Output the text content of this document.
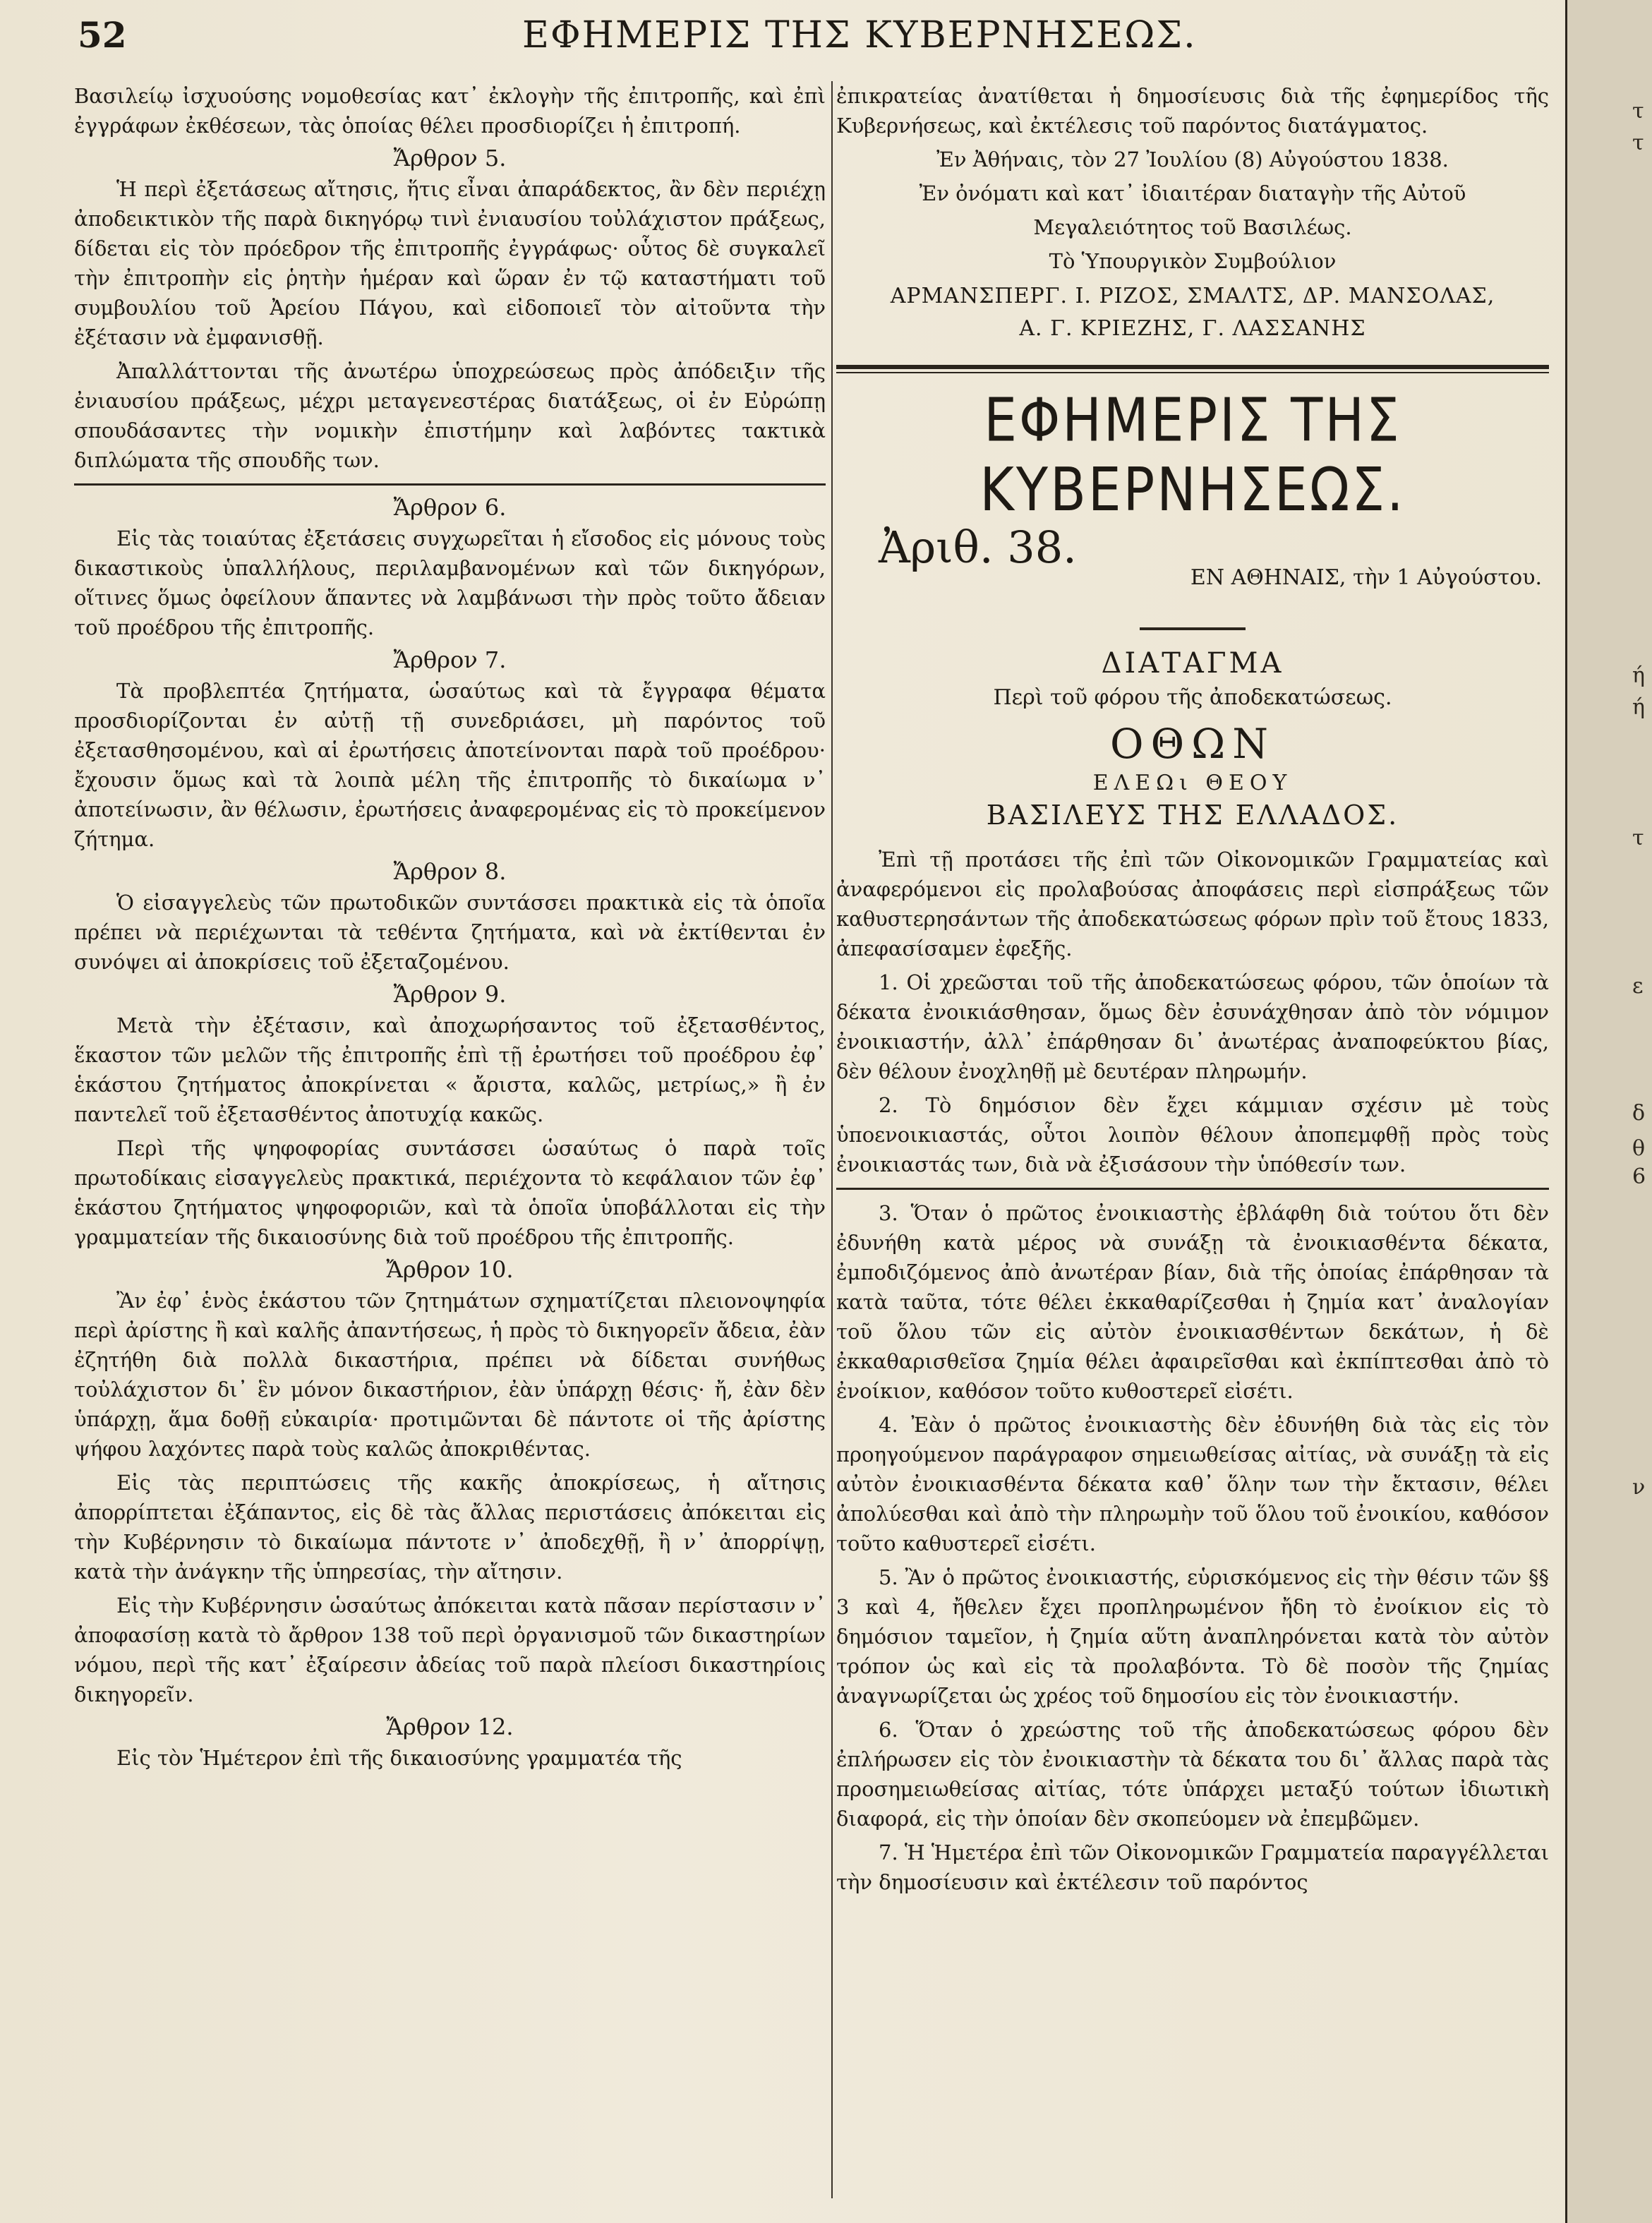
52	ΕΦΗΜΕΡΙΣ ΤΗΣ ΚΥΒΕΡΝΗΣΕΩΣ.

Βασιλείῳ ἰσχυούσης νομοθεσίας κατ᾿ ἐκλογὴν τῆς ἐπιτροπῆς, καὶ ἐπὶ ἐγγράφων ἐκθέσεων, τὰς ὁποίας θέλει προσδιορίζει ἡ ἐπιτροπή.

Ἄρθρον 5.

Ἡ περὶ ἐξετάσεως αἴτησις, ἥτις εἶναι ἀπαράδεκτος, ἂν δὲν περιέχῃ ἀποδεικτικὸν τῆς παρὰ δικηγόρῳ τινὶ ἐνιαυσίου τοὐλάχιστον πράξεως, δίδεται εἰς τὸν πρόεδρον τῆς ἐπιτροπῆς ἐγγράφως· οὗτος δὲ συγκαλεῖ τὴν ἐπιτροπὴν εἰς ῥητὴν ἡμέραν καὶ ὥραν ἐν τῷ καταστήματι τοῦ συμβουλίου τοῦ Ἀρείου Πάγου, καὶ εἰδοποιεῖ τὸν αἰτοῦντα τὴν ἐξέτασιν νὰ ἐμφανισθῇ.

Ἀπαλλάττονται τῆς ἀνωτέρω ὑποχρεώσεως πρὸς ἀπόδειξιν τῆς ἐνιαυσίου πράξεως, μέχρι μεταγενεστέρας διατάξεως, οἱ ἐν Εὐρώπῃ σπουδάσαντες τὴν νομικὴν ἐπιστήμην καὶ λαβόντες τακτικὰ διπλώματα τῆς σπουδῆς των.

Ἄρθρον 6.

Εἰς τὰς τοιαύτας ἐξετάσεις συγχωρεῖται ἡ εἴσοδος εἰς μόνους τοὺς δικαστικοὺς ὑπαλλήλους, περιλαμβανομένων καὶ τῶν δικηγόρων, οἵτινες ὅμως ὀφείλουν ἅπαντες νὰ λαμβάνωσι τὴν πρὸς τοῦτο ἄδειαν τοῦ προέδρου τῆς ἐπιτροπῆς.

Ἄρθρον 7.

Τὰ προβλεπτέα ζητήματα, ὡσαύτως καὶ τὰ ἔγγραφα θέματα προσδιορίζονται ἐν αὐτῇ τῇ συνεδριάσει, μὴ παρόντος τοῦ ἐξετασθησομένου, καὶ αἱ ἐρωτήσεις ἀποτείνονται παρὰ τοῦ προέδρου· ἔχουσιν ὅμως καὶ τὰ λοιπὰ μέλη τῆς ἐπιτροπῆς τὸ δικαίωμα ν᾿ ἀποτείνωσιν, ἂν θέλωσιν, ἐρωτήσεις ἀναφερομένας εἰς τὸ προκείμενον ζήτημα.

Ἄρθρον 8.

Ὁ εἰσαγγελεὺς τῶν πρωτοδικῶν συντάσσει πρακτικὰ εἰς τὰ ὁποῖα πρέπει νὰ περιέχωνται τὰ τεθέντα ζητήματα, καὶ νὰ ἐκτίθενται ἐν συνόψει αἱ ἀποκρίσεις τοῦ ἐξεταζομένου.

Ἄρθρον 9.

Μετὰ τὴν ἐξέτασιν, καὶ ἀποχωρήσαντος τοῦ ἐξετασθέντος, ἕκαστον τῶν μελῶν τῆς ἐπιτροπῆς ἐπὶ τῇ ἐρωτήσει τοῦ προέδρου ἐφ᾿ ἑκάστου ζητήματος ἀποκρίνεται « ἄριστα, καλῶς, μετρίως,» ἢ ἐν παντελεῖ τοῦ ἐξετασθέντος ἀποτυχίᾳ κακῶς.

Περὶ τῆς ψηφοφορίας συντάσσει ὡσαύτως ὁ παρὰ τοῖς πρωτοδίκαις εἰσαγγελεὺς πρακτικά, περιέχοντα τὸ κεφάλαιον τῶν ἐφ᾿ ἑκάστου ζητήματος ψηφοφοριῶν, καὶ τὰ ὁποῖα ὑποβάλλοται εἰς τὴν γραμματείαν τῆς δικαιοσύνης διὰ τοῦ προέδρου τῆς ἐπιτροπῆς.

Ἄρθρον 10.

Ἂν ἐφ᾿ ἑνὸς ἑκάστου τῶν ζητημάτων σχηματίζεται πλειονοψηφία περὶ ἀρίστης ἢ καὶ καλῆς ἀπαντήσεως, ἡ πρὸς τὸ δικηγορεῖν ἄδεια, ἐὰν ἐζητήθη διὰ πολλὰ δικαστήρια, πρέπει νὰ δίδεται συνήθως τοὐλάχιστον δι᾿ ἓν μόνον δικαστήριον, ἐὰν ὑπάρχῃ θέσις· ἤ, ἐὰν δὲν ὑπάρχῃ, ἅμα δοθῇ εὐκαιρία· προτιμῶνται δὲ πάντοτε οἱ τῆς ἀρίστης ψήφου λαχόντες παρὰ τοὺς καλῶς ἀποκριθέντας.

Εἰς τὰς περιπτώσεις τῆς κακῆς ἀποκρίσεως, ἡ αἴτησις ἀπορρίπτεται ἐξάπαντος, εἰς δὲ τὰς ἄλλας περιστάσεις ἀπόκειται εἰς τὴν Κυβέρνησιν τὸ δικαίωμα πάντοτε ν᾿ ἀποδεχθῇ, ἢ ν᾿ ἀπορρίψῃ, κατὰ τὴν ἀνάγκην τῆς ὑπηρεσίας, τὴν αἴτησιν.

Εἰς τὴν Κυβέρνησιν ὡσαύτως ἀπόκειται κατὰ πᾶσαν περίστασιν ν᾿ ἀποφασίσῃ κατὰ τὸ ἄρθρον 138 τοῦ περὶ ὀργανισμοῦ τῶν δικαστηρίων νόμου, περὶ τῆς κατ᾿ ἐξαίρεσιν ἀδείας τοῦ παρὰ πλείοσι δικαστηρίοις δικηγορεῖν.

Ἄρθρον 12.

Εἰς τὸν Ἡμέτερον ἐπὶ τῆς δικαιοσύνης γραμματέα τῆς

ἐπικρατείας ἀνατίθεται ἡ δημοσίευσις διὰ τῆς ἐφημερίδος τῆς Κυβερνήσεως, καὶ ἐκτέλεσις τοῦ παρόντος διατάγματος.

Ἐν Ἀθήναις, τὸν 27 Ἰουλίου (8) Αὐγούστου 1838.

Ἐν ὀνόματι καὶ κατ᾿ ἰδιαιτέραν διαταγὴν τῆς Αὐτοῦ

Μεγαλειότητος τοῦ Βασιλέως.

Τὸ Ὑπουργικὸν Συμβούλιον

ΑΡΜΑΝΣΠΕΡΓ. Ι. ΡΙΖΟΣ, ΣΜΑΛΤΣ, ΔΡ. ΜΑΝΣΟΛΑΣ,
Α. Γ. ΚΡΙΕΖΗΣ, Γ. ΛΑΣΣΑΝΗΣ
ΕΦΗΜΕΡΙΣ ΤΗΣ ΚΥΒΕΡΝΗΣΕΩΣ.
Ἀριθ. 38.
ΕΝ ΑΘΗΝΑΙΣ, τὴν 1 Αὐγούστου.
ΔΙΑΤΑΓΜΑ
Περὶ τοῦ φόρου τῆς ἀποδεκατώσεως.
ΟΘΩΝ
ΕΛΕΩι ΘΕΟΥ
ΒΑΣΙΛΕΥΣ ΤΗΣ ΕΛΛΑΔΟΣ.

Ἐπὶ τῇ προτάσει τῆς ἐπὶ τῶν Οἰκονομικῶν Γραμματείας καὶ ἀναφερόμενοι εἰς προλαβούσας ἀποφάσεις περὶ εἰσπράξεως τῶν καθυστερησάντων τῆς ἀποδεκατώσεως φόρων πρὶν τοῦ ἔτους 1833, ἀπεφασίσαμεν ἐφεξῆς.

1. Οἱ χρεῶσται τοῦ τῆς ἀποδεκατώσεως φόρου, τῶν ὁποίων τὰ δέκατα ἐνοικιάσθησαν, ὅμως δὲν ἐσυνάχθησαν ἀπὸ τὸν νόμιμον ἐνοικιαστήν, ἀλλ᾿ ἐπάρθησαν δι᾿ ἀνωτέρας ἀναποφεύκτου βίας, δὲν θέλουν ἐνοχληθῇ μὲ δευτέραν πληρωμήν.

2. Τὸ δημόσιον δὲν ἔχει κάμμιαν σχέσιν μὲ τοὺς ὑποενοικιαστάς, οὗτοι λοιπὸν θέλουν ἀποπεμφθῇ πρὸς τοὺς ἐνοικιαστάς των, διὰ νὰ ἐξισάσουν τὴν ὑπόθεσίν των.

3. Ὅταν ὁ πρῶτος ἐνοικιαστὴς ἐβλάφθη διὰ τούτου ὅτι δὲν ἐδυνήθη κατὰ μέρος νὰ συνάξῃ τὰ ἐνοικιασθέντα δέκατα, ἐμποδιζόμενος ἀπὸ ἀνωτέραν βίαν, διὰ τῆς ὁποίας ἐπάρθησαν τὰ κατὰ ταῦτα, τότε θέλει ἐκκαθαρίζεσθαι ἡ ζημία κατ᾿ ἀναλογίαν τοῦ ὅλου τῶν εἰς αὐτὸν ἐνοικιασθέντων δεκάτων, ἡ δὲ ἐκκαθαρισθεῖσα ζημία θέλει ἀφαιρεῖσθαι καὶ ἐκπίπτεσθαι ἀπὸ τὸ ἐνοίκιον, καθόσον τοῦτο κυθοστερεῖ εἰσέτι.

4. Ἐὰν ὁ πρῶτος ἐνοικιαστὴς δὲν ἐδυνήθη διὰ τὰς εἰς τὸν προηγούμενον παράγραφον σημειωθείσας αἰτίας, νὰ συνάξῃ τὰ εἰς αὐτὸν ἐνοικιασθέντα δέκατα καθ᾿ ὅλην των τὴν ἔκτασιν, θέλει ἀπολύεσθαι καὶ ἀπὸ τὴν πληρωμὴν τοῦ ὅλου τοῦ ἐνοικίου, καθόσον τοῦτο καθυστερεῖ εἰσέτι.

5. Ἂν ὁ πρῶτος ἐνοικιαστής, εὑρισκόμενος εἰς τὴν θέσιν τῶν §§ 3 καὶ 4, ἤθελεν ἔχει προπληρωμένον ἤδη τὸ ἐνοίκιον εἰς τὸ δημόσιον ταμεῖον, ἡ ζημία αὕτη ἀναπληρόνεται κατὰ τὸν αὐτὸν τρόπον ὡς καὶ εἰς τὰ προλαβόντα. Τὸ δὲ ποσὸν τῆς ζημίας ἀναγνωρίζεται ὡς χρέος τοῦ δημοσίου εἰς τὸν ἐνοικιαστήν.

6. Ὅταν ὁ χρεώστης τοῦ τῆς ἀποδεκατώσεως φόρου δὲν ἐπλήρωσεν εἰς τὸν ἐνοικιαστὴν τὰ δέκατα του δι᾿ ἄλλας παρὰ τὰς προσημειωθείσας αἰτίας, τότε ὑπάρχει μεταξύ τούτων ἰδιωτικὴ διαφορά, εἰς τὴν ὁποίαν δὲν σκοπεύομεν νὰ ἐπεμβῶμεν.

7. Ἡ Ἡμετέρα ἐπὶ τῶν Οἰκονομικῶν Γραμματεία παραγγέλλεται τὴν δημοσίευσιν καὶ ἐκτέλεσιν τοῦ παρόντος

τ
τ
ή
ή
τ
ε
δ
θ
6
ν
